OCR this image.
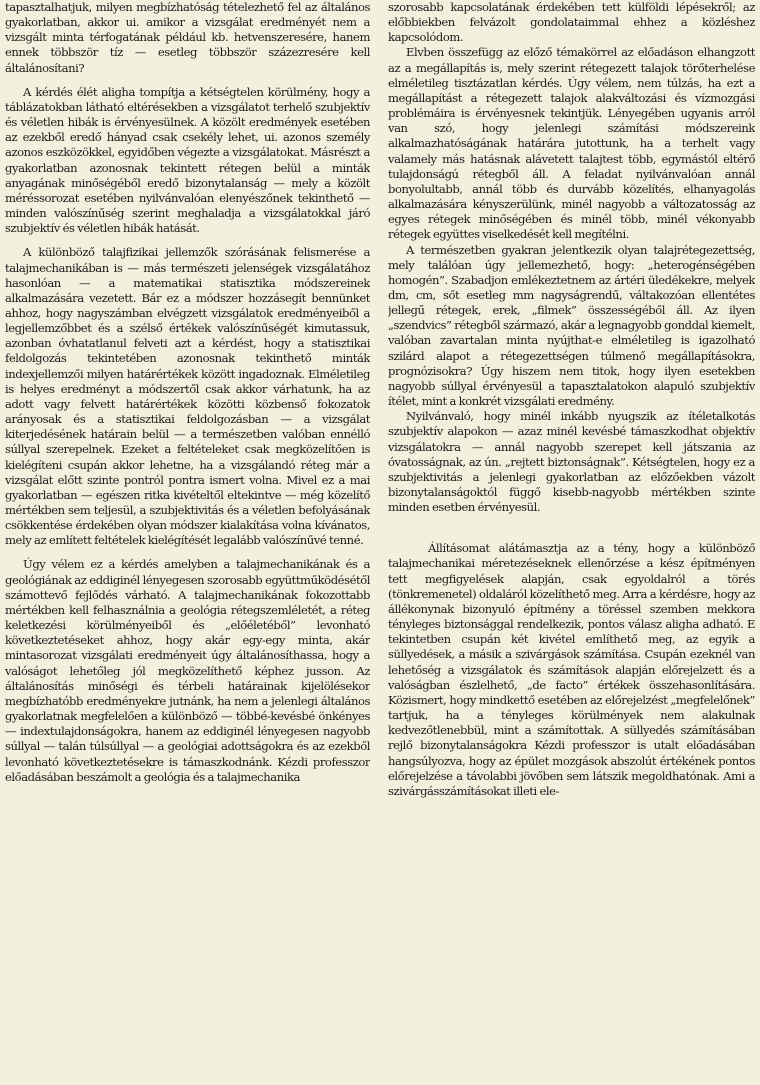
tapasztalhatjuk, milyen megbízhatóság tételezhető fel az általános gyakorlatban, akkor ui. amikor a vizsgálat eredményét nem a vizsgált minta térfogatának például kb. hetvenszeresére, hanem ennek többször tíz — esetleg többször százezresére kell általánosítani?

A kérdés élét aligha tompítja a kétségtelen körülmény, hogy a táblázatokban látható eltérésekben a vizsgálatot terhelő szubjektív és véletlen hibák is érvényesülnek. A közölt eredmények esetében az ezekből eredő hányad csak csekély lehet, ui. azonos személy azonos eszközökkel, egyidőben végezte a vizsgálatokat. Másrészt a gyakorlatban azonosnak tekintett rétegen belül a minták anyagának minőségéből eredő bizonytalanság — mely a közölt méréssorozat esetében nyilvánvalóan elenyészőnek tekinthető — minden valószínűség szerint meghaladja a vizsgálatokkal járó szubjektív és véletlen hibák hatását.

A különböző talajfizikai jellemzők szórásának felismerése a talajmechanikában is — más természeti jelenségek vizsgálatához hasonlóan — a matematikai statisztika módszereinek alkalmazására vezetett. Bár ez a módszer hozzásegít bennünket ahhoz, hogy nagyszámban elvégzett vizsgálatok eredményeiből a legjellemzőbbet és a szélső értékek valószínűségét kimutassuk, azonban óvhatatlanul felveti azt a kérdést, hogy a statisztikai feldolgozás tekintetében azonosnak tekinthető minták indexjellemzői milyen határértékek között ingadoznak. Elméletileg is helyes eredményt a módszertől csak akkor várhatunk, ha az adott vagy felvett határértékek közötti közbenső fokozatok arányosak és a statisztikai feldolgozásban — a vizsgálat kiterjedésének határain belül — a természetben valóban ennélló súllyal szerepelnek. Ezeket a feltételeket csak megközelítően is kielégíteni csupán akkor lehetne, ha a vizsgálandó réteg már a vizsgálat előtt szinte pontról pontra ismert volna. Mivel ez a mai gyakorlatban — egészen ritka kivételtől eltekintve — még közelítő mértékben sem teljesül, a szubjektivitás és a véletlen befolyásának csökkentése érdekében olyan módszer kialakítása volna kívánatos, mely az említett feltételek kielégítését legalább valószínűvé tenné.

Úgy vélem ez a kérdés amelyben a talajmechanikának és a geológiának az eddiginél lényegesen szorosabb együttműködésétől számottevő fejlődés várható. A talajmechanikának fokozottabb mértékben kell felhasználnia a geológia rétegszemléletét, a réteg keletkezési körülményeiből és „előéletéből” levonható következtetéseket ahhoz, hogy akár egy-egy minta, akár mintasorozat vizsgálati eredményeit úgy általánosíthassa, hogy a valóságot lehetőleg jól megközelíthető képhez jusson. Az általánosítás minőségi és térbeli határainak kijelölésekor megbízhatóbb eredményekre jutnánk, ha nem a jelenlegi általános gyakorlatnak megfelelően a különböző — többé-kevésbé önkényes — indextulajdonságokra, hanem az eddiginél lényegesen nagyobb súllyal — talán túlsúllyal — a geológiai adottságokra és az ezekből levonható következtetésekre is támaszkodnánk. Kézdi professzor előadásában beszámolt a geológia és a talajmechanika

szorosabb kapcsolatának érdekében tett külföldi lépésekről; az előbbiekben felvázolt gondolataimmal ehhez a közléshez kapcsolódom.

Elvben összefügg az előző témakörrel az előadáson elhangzott az a megállapítás is, mely szerint rétegezett talajok törőterhelése elméletileg tisztázatlan kérdés. Úgy vélem, nem túlzás, ha ezt a megállapítást a rétegezett talajok alakváltozási és vízmozgási problémáira is érvényesnek tekintjük. Lényegében ugyanis arról van szó, hogy jelenlegi számítási módszereink alkalmazhatóságának határára jutottunk, ha a terhelt vagy valamely más hatásnak alávetett talajtest több, egymástól eltérő tulajdonságú rétegből áll. A feladat nyilvánvalóan annál bonyolultabb, annál több és durvább közelítés, elhanyagolás alkalmazására kényszerülünk, minél nagyobb a változatosság az egyes rétegek minőségében és minél több, minél vékonyabb rétegek együttes viselkedését kell megítélni.

A természetben gyakran jelentkezik olyan talajrétegezettség, mely találóan úgy jellemezhető, hogy: „heterogénségében homogén”. Szabadjon emlékeztetnem az ártéri üledékekre, melyek dm, cm, sőt esetleg mm nagyságrendű, váltakozóan ellentétes jellegű rétegek, erek, „filmek” összességéből áll. Az ilyen „szendvics” rétegből származó, akár a legnagyobb gonddal kiemelt, valóban zavartalan minta nyújthat-e elméletileg is igazolható szilárd alapot a rétegezettségen túlmenő megállapításokra, prognózisokra? Úgy hiszem nem titok, hogy ilyen esetekben nagyobb súllyal érvényesül a tapasztalatokon alapuló szubjektív ítélet, mint a konkrét vizsgálati eredmény.

Nyilvánvaló, hogy minél inkább nyugszik az ítéletalkotás szubjektív alapokon — azaz minél kevésbé támaszkodhat objektív vizsgálatokra — annál nagyobb szerepet kell játszania az óvatosságnak, az ún. „rejtett biztonságnak”. Kétségtelen, hogy ez a szubjektivitás a jelenlegi gyakorlatban az előzőekben vázolt bizonytalanságoktól függő kisebb-nagyobb mértékben szinte minden esetben érvényesül.

Állításomat alátámasztja az a tény, hogy a különböző talajmechanikai méretezéseknek ellenőrzése a kész építményen tett megfigyelések alapján, csak egyoldalról a törés (tönkremenetel) oldaláról közelíthető meg. Arra a kérdésre, hogy az állékonynak bizonyuló építmény a töréssel szemben mekkora tényleges biztonsággal rendelkezik, pontos válasz aligha adható. E tekintetben csupán két kivétel említhető meg, az egyik a süllyedések, a másik a szivárgások számítása. Csupán ezeknél van lehetőség a vizsgálatok és számítások alapján előrejelzett és a valóságban észlelhető, „de facto” értékek összehasonlítására. Közismert, hogy mindkettő esetében az előrejelzést „megfelelőnek” tartjuk, ha a tényleges körülmények nem alakulnak kedvezőtlenebbül, mint a számítottak. A süllyedés számításában rejlő bizonytalanságokra Kézdi professzor is utalt előadásában hangsúlyozva, hogy az épület mozgások abszolút értékének pontos előrejelzése a távolabbi jövőben sem látszik megoldhatónak. Ami a szivárgásszámításokat illeti ele-
